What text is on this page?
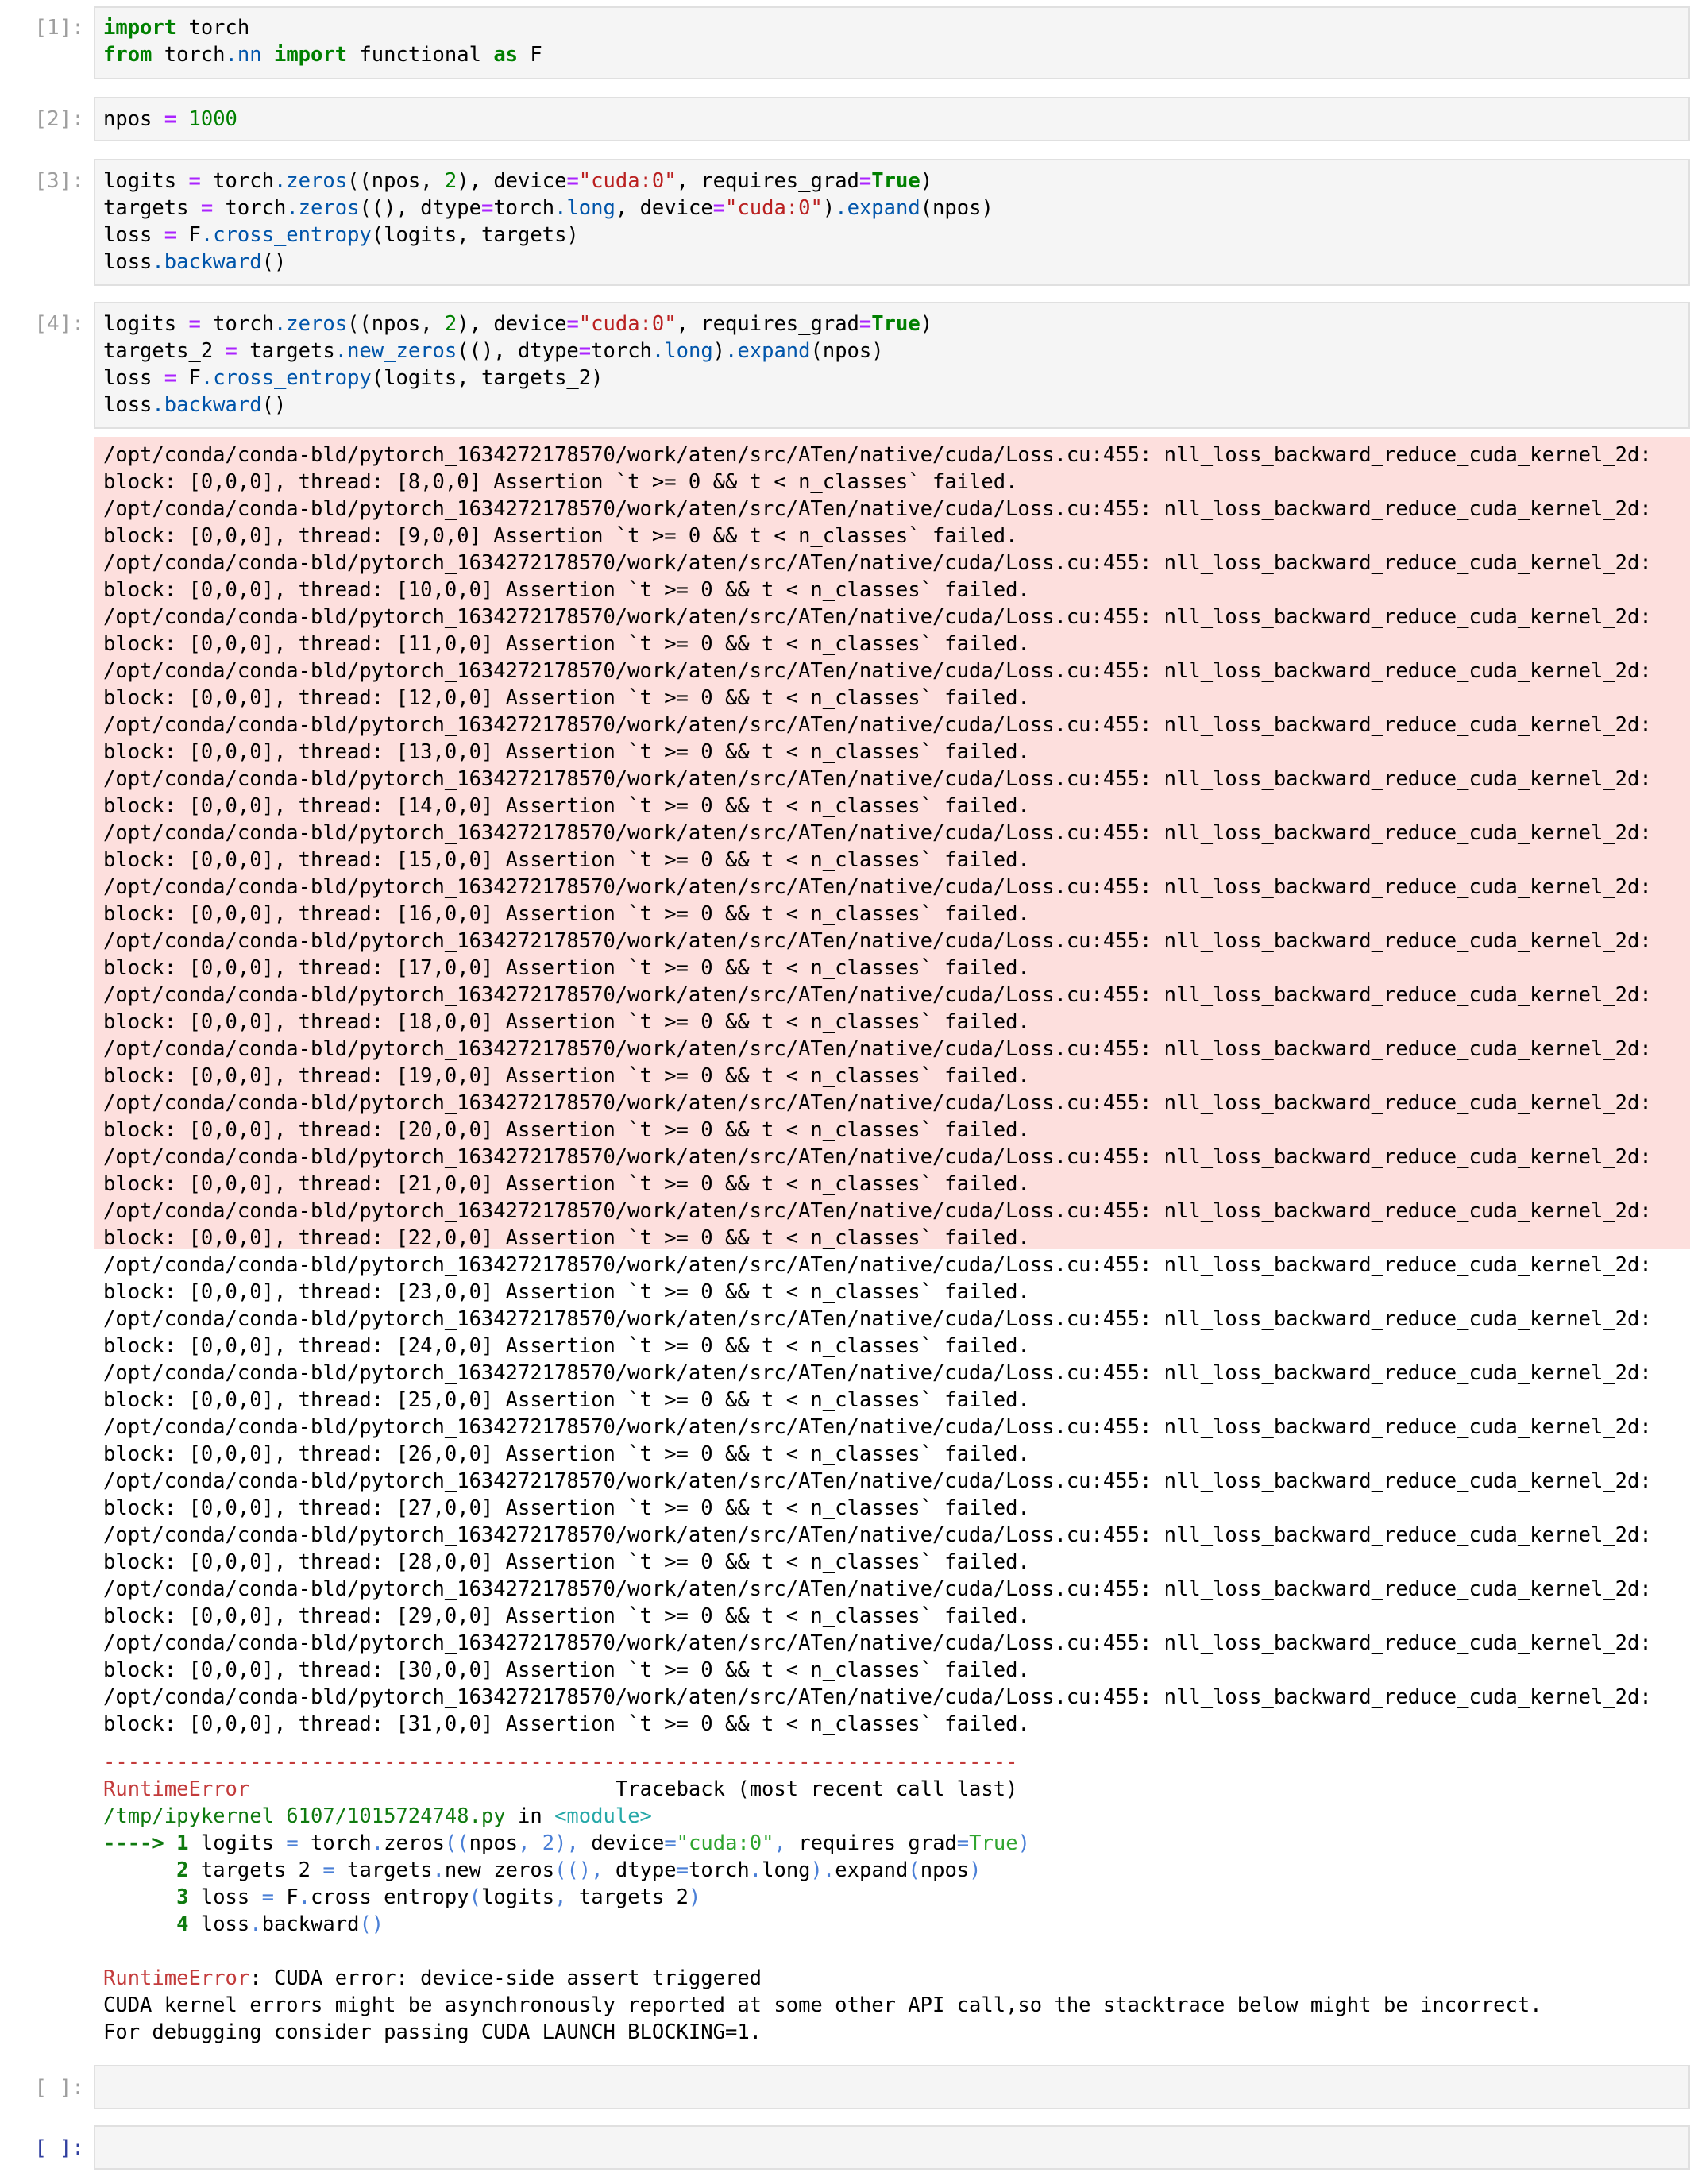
[1]: import torch
from torch.nn import functional as F
[2]: npos = 1000
[3]: logits = torch.zeros((npos, 2), device="cuda:0", requires_grad=True)
targets = torch.zeros((), dtype=torch.long, device="cuda:0").expand(npos)
loss = F.cross_entropy(logits, targets)
loss.backward()
[4]: logits = torch.zeros((npos, 2), device="cuda:0", requires_grad=True)
targets_2 = targets.new_zeros((), dtype=torch.long).expand(npos)
loss = F.cross_entropy(logits, targets_2)
loss.backward()
/opt/conda/conda-bld/pytorch_1634272178570/work/aten/src/ATen/native/cuda/Loss.cu:455: nll_loss_backward_reduce_cuda_kernel_2d:
block: [0,0,0], thread: [8,0,0] Assertion `t >= 0 && t < n_classes` failed.
/opt/conda/conda-bld/pytorch_1634272178570/work/aten/src/ATen/native/cuda/Loss.cu:455: nll_loss_backward_reduce_cuda_kernel_2d:
block: [0,0,0], thread: [9,0,0] Assertion `t >= 0 && t < n_classes` failed.
/opt/conda/conda-bld/pytorch_1634272178570/work/aten/src/ATen/native/cuda/Loss.cu:455: nll_loss_backward_reduce_cuda_kernel_2d:
block: [0,0,0], thread: [10,0,0] Assertion `t >= 0 && t < n_classes` failed.
/opt/conda/conda-bld/pytorch_1634272178570/work/aten/src/ATen/native/cuda/Loss.cu:455: nll_loss_backward_reduce_cuda_kernel_2d:
block: [0,0,0], thread: [11,0,0] Assertion `t >= 0 && t < n_classes` failed.
/opt/conda/conda-bld/pytorch_1634272178570/work/aten/src/ATen/native/cuda/Loss.cu:455: nll_loss_backward_reduce_cuda_kernel_2d:
block: [0,0,0], thread: [12,0,0] Assertion `t >= 0 && t < n_classes` failed.
/opt/conda/conda-bld/pytorch_1634272178570/work/aten/src/ATen/native/cuda/Loss.cu:455: nll_loss_backward_reduce_cuda_kernel_2d:
block: [0,0,0], thread: [13,0,0] Assertion `t >= 0 && t < n_classes` failed.
/opt/conda/conda-bld/pytorch_1634272178570/work/aten/src/ATen/native/cuda/Loss.cu:455: nll_loss_backward_reduce_cuda_kernel_2d:
block: [0,0,0], thread: [14,0,0] Assertion `t >= 0 && t < n_classes` failed.
/opt/conda/conda-bld/pytorch_1634272178570/work/aten/src/ATen/native/cuda/Loss.cu:455: nll_loss_backward_reduce_cuda_kernel_2d:
block: [0,0,0], thread: [15,0,0] Assertion `t >= 0 && t < n_classes` failed.
/opt/conda/conda-bld/pytorch_1634272178570/work/aten/src/ATen/native/cuda/Loss.cu:455: nll_loss_backward_reduce_cuda_kernel_2d:
block: [0,0,0], thread: [16,0,0] Assertion `t >= 0 && t < n_classes` failed.
/opt/conda/conda-bld/pytorch_1634272178570/work/aten/src/ATen/native/cuda/Loss.cu:455: nll_loss_backward_reduce_cuda_kernel_2d:
block: [0,0,0], thread: [17,0,0] Assertion `t >= 0 && t < n_classes` failed.
/opt/conda/conda-bld/pytorch_1634272178570/work/aten/src/ATen/native/cuda/Loss.cu:455: nll_loss_backward_reduce_cuda_kernel_2d:
block: [0,0,0], thread: [18,0,0] Assertion `t >= 0 && t < n_classes` failed.
/opt/conda/conda-bld/pytorch_1634272178570/work/aten/src/ATen/native/cuda/Loss.cu:455: nll_loss_backward_reduce_cuda_kernel_2d:
block: [0,0,0], thread: [19,0,0] Assertion `t >= 0 && t < n_classes` failed.
/opt/conda/conda-bld/pytorch_1634272178570/work/aten/src/ATen/native/cuda/Loss.cu:455: nll_loss_backward_reduce_cuda_kernel_2d:
block: [0,0,0], thread: [20,0,0] Assertion `t >= 0 && t < n_classes` failed.
/opt/conda/conda-bld/pytorch_1634272178570/work/aten/src/ATen/native/cuda/Loss.cu:455: nll_loss_backward_reduce_cuda_kernel_2d:
block: [0,0,0], thread: [21,0,0] Assertion `t >= 0 && t < n_classes` failed.
/opt/conda/conda-bld/pytorch_1634272178570/work/aten/src/ATen/native/cuda/Loss.cu:455: nll_loss_backward_reduce_cuda_kernel_2d:
block: [0,0,0], thread: [22,0,0] Assertion `t >= 0 && t < n_classes` failed.
/opt/conda/conda-bld/pytorch_1634272178570/work/aten/src/ATen/native/cuda/Loss.cu:455: nll_loss_backward_reduce_cuda_kernel_2d:
block: [0,0,0], thread: [23,0,0] Assertion `t >= 0 && t < n_classes` failed.
/opt/conda/conda-bld/pytorch_1634272178570/work/aten/src/ATen/native/cuda/Loss.cu:455: nll_loss_backward_reduce_cuda_kernel_2d:
block: [0,0,0], thread: [24,0,0] Assertion `t >= 0 && t < n_classes` failed.
/opt/conda/conda-bld/pytorch_1634272178570/work/aten/src/ATen/native/cuda/Loss.cu:455: nll_loss_backward_reduce_cuda_kernel_2d:
block: [0,0,0], thread: [25,0,0] Assertion `t >= 0 && t < n_classes` failed.
/opt/conda/conda-bld/pytorch_1634272178570/work/aten/src/ATen/native/cuda/Loss.cu:455: nll_loss_backward_reduce_cuda_kernel_2d:
block: [0,0,0], thread: [26,0,0] Assertion `t >= 0 && t < n_classes` failed.
/opt/conda/conda-bld/pytorch_1634272178570/work/aten/src/ATen/native/cuda/Loss.cu:455: nll_loss_backward_reduce_cuda_kernel_2d:
block: [0,0,0], thread: [27,0,0] Assertion `t >= 0 && t < n_classes` failed.
/opt/conda/conda-bld/pytorch_1634272178570/work/aten/src/ATen/native/cuda/Loss.cu:455: nll_loss_backward_reduce_cuda_kernel_2d:
block: [0,0,0], thread: [28,0,0] Assertion `t >= 0 && t < n_classes` failed.
/opt/conda/conda-bld/pytorch_1634272178570/work/aten/src/ATen/native/cuda/Loss.cu:455: nll_loss_backward_reduce_cuda_kernel_2d:
block: [0,0,0], thread: [29,0,0] Assertion `t >= 0 && t < n_classes` failed.
/opt/conda/conda-bld/pytorch_1634272178570/work/aten/src/ATen/native/cuda/Loss.cu:455: nll_loss_backward_reduce_cuda_kernel_2d:
block: [0,0,0], thread: [30,0,0] Assertion `t >= 0 && t < n_classes` failed.
/opt/conda/conda-bld/pytorch_1634272178570/work/aten/src/ATen/native/cuda/Loss.cu:455: nll_loss_backward_reduce_cuda_kernel_2d:
block: [0,0,0], thread: [31,0,0] Assertion `t >= 0 && t < n_classes` failed.
---------------------------------------------------------------------------
RuntimeError	Traceback (most recent call last)
/tmp/ipykernel_6107/1015724748.py in <module>
----> 1 logits = torch.zeros((npos, 2), device="cuda:0", requires_grad=True)
2 targets_2 = targets.new_zeros((), dtype=torch.long).expand(npos)
3 loss = F.cross_entropy(logits, targets_2)
4 loss.backward()

RuntimeError: CUDA error: device-side assert triggered
CUDA kernel errors might be asynchronously reported at some other API call,so the stacktrace below might be incorrect.
For debugging consider passing CUDA_LAUNCH_BLOCKING=1.
[ ]:
[ ]:
